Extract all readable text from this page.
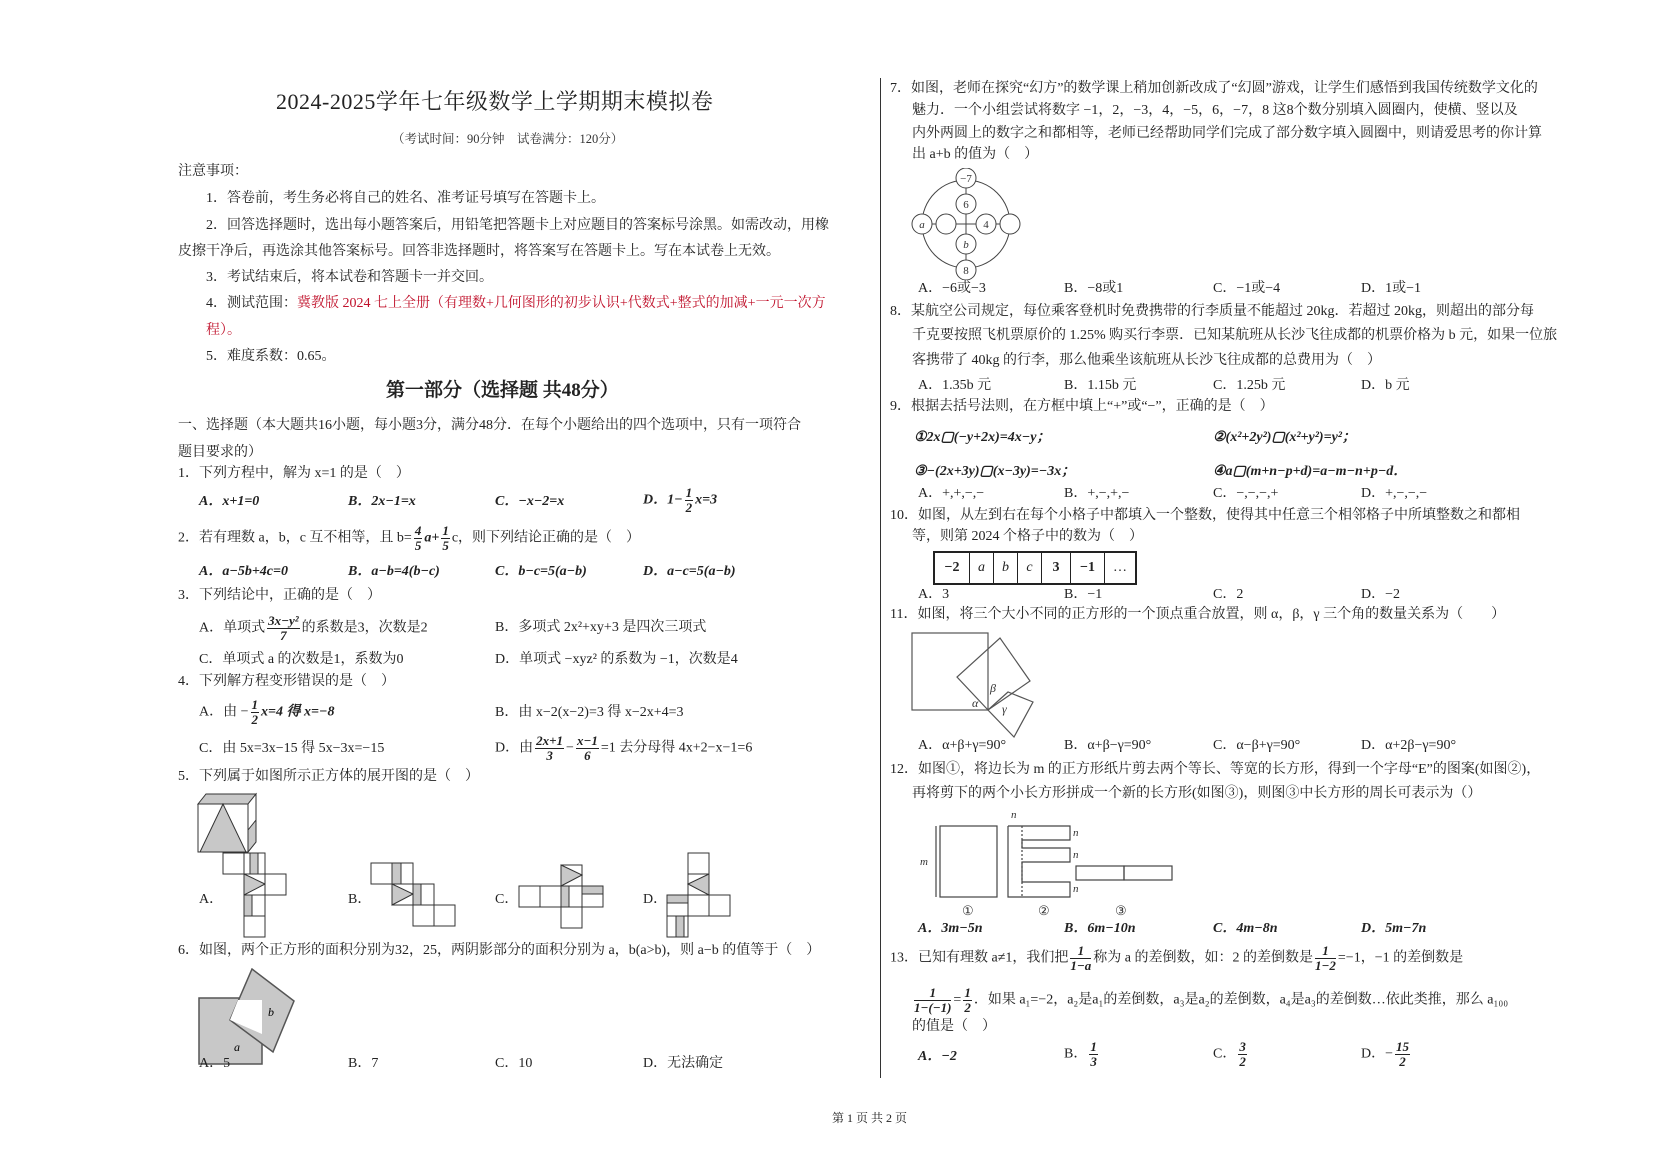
2024-2025学年七年级数学上学期期末模拟卷
（考试时间：90分钟　试卷满分：120分）
注意事项：
1．答卷前，考生务必将自己的姓名、准考证号填写在答题卡上。
2．回答选择题时，选出每小题答案后，用铅笔把答题卡上对应题目的答案标号涂黑。如需改动，用橡
皮擦干净后，再选涂其他答案标号。回答非选择题时，将答案写在答题卡上。写在本试卷上无效。
3．考试结束后，将本试卷和答题卡一并交回。
4．测试范围：冀教版 2024 七上全册（有理数+几何图形的初步认识+代数式+整式的加减+一元一次方
程）。
5．难度系数：0.65。
第一部分（选择题 共48分）
一、选择题（本大题共16小题，每小题3分，满分48分．在每个小题给出的四个选项中，只有一项符合
题目要求的）
1．下列方程中，解为 x=1 的是（　）
A．x+1=0	B．2x−1=x	C．−x−2=x	D．$1- \frac{1}{2} x=3$
2．若有理数 a，b，c 互不相等，且 $b= \frac{4}{5} a+ \frac{1}{5}$ c，则下列结论正确的是（　）
A．a−5b+4c=0	B．a−b=4(b−c)	C．b−c=5(a−b)	D．a−c=5(a−b)
3．下列结论中，正确的是（　）
A．单项式 $\frac{\text{3x−y²}}{7}$ 的系数是3，次数是2	B．多项式 2x²+xy+3 是四次三项式
C．单项式 a 的次数是1，系数为0	D．单项式 −xyz² 的系数为 −1，次数是4
4．下列解方程变形错误的是（　）
A．由 − $\frac{1}{2} x=4$ 得 x=−8	B．由 x−2(x−2)=3 得 x−2x+4=3
C．由 5x=3x−15 得 5x−3x=−15	D．由 $\frac{2x+1}{3} - \frac{x-1}{6} =1$ 去分母得 4x+2−x−1=6
5．下列属于如图所示正方体的展开图的是（　）
A．	B．	C．	D．
6．如图，两个正方形的面积分别为32，25，两阴影部分的面积分别为 a，b(a>b)，则 a−b 的值等于（　）
a
b
A．5	B．7	C．10	D．无法确定
7．如图，老师在探究“幻方”的数学课上稍加创新改成了“幻圆”游戏，让学生们感悟到我国传统数学文化的
魅力．一个小组尝试将数字 −1，2，−3，4，−5，6，−7，8 这8个数分别填入圆圈内，使横、竖以及
内外两圆上的数字之和都相等，老师已经帮助同学们完成了部分数字填入圆圈中，则请爱思考的你计算
出 a+b 的值为（　）
−7
6
a	4
b
8
A．−6或−3	B．−8或1	C．−1或−4	D．1或−1
8．某航空公司规定，每位乘客登机时免费携带的行李质量不能超过 20kg．若超过 20kg，则超出的部分每
千克要按照飞机票原价的 1.25% 购买行李票．已知某航班从长沙飞往成都的机票价格为 b 元，如果一位旅
客携带了 40kg 的行李，那么他乘坐该航班从长沙飞往成都的总费用为（　）
A．1.35b 元	B．1.15b 元	C．1.25b 元	D．b 元
9．根据去括号法则，在方框中填上“+”或“−”，正确的是（　）
①2x▢(−y+2x)=4x−y；	②(x²+2y²)▢(x²+y²)=y²；
③−(2x+3y)▢(x−3y)=−3x；	④a▢(m+n−p+d)=a−m−n+p−d．
A．+,+,−,−	B．+,−,+,−	C．−,−,−,+	D．+,−,−,−
10．如图，从左到右在每个小格子中都填入一个整数，使得其中任意三个相邻格子中所填整数之和都相
等，则第 2024 个格子中的数为（　）
−2	a	b	c	3	−1	…
A．3	B．−1	C．2	D．−2
11．如图，将三个大小不同的正方形的一个顶点重合放置，则 α，β，γ 三个角的数量关系为（　　）
α
β
γ
A．α+β+γ=90°	B．α+β−γ=90°	C．α−β+γ=90°	D．α+2β−γ=90°
12．如图①，将边长为 m 的正方形纸片剪去两个等长、等宽的长方形，得到一个字母“E”的图案(如图②)，
再将剪下的两个小长方形拼成一个新的长方形(如图③)，则图③中长方形的周长可表示为（）
m
n
n
n
n
①	②	③
A．3m−5n	B．6m−10n	C．4m−8n	D．5m−7n
13．已知有理数 a≠1，我们把 $\frac{1}{1-a}$ 称为 a 的差倒数，如：2 的差倒数是 $\frac{1}{1-2} =-1$，−1 的差倒数是
$\frac{1}{1-(-1)} = \frac{1}{2}$ ．如果 a₁=−2，a₂是a₁的差倒数，a₃是a₂的差倒数，a₄是a₃的差倒数…依此类推，那么 a₁₀₀
的值是（　）
A．−2	B． $\frac{1}{3}$	C． $\frac{3}{2}$	D．− $\frac{15}{2}$
第 1 页 共 2 页
